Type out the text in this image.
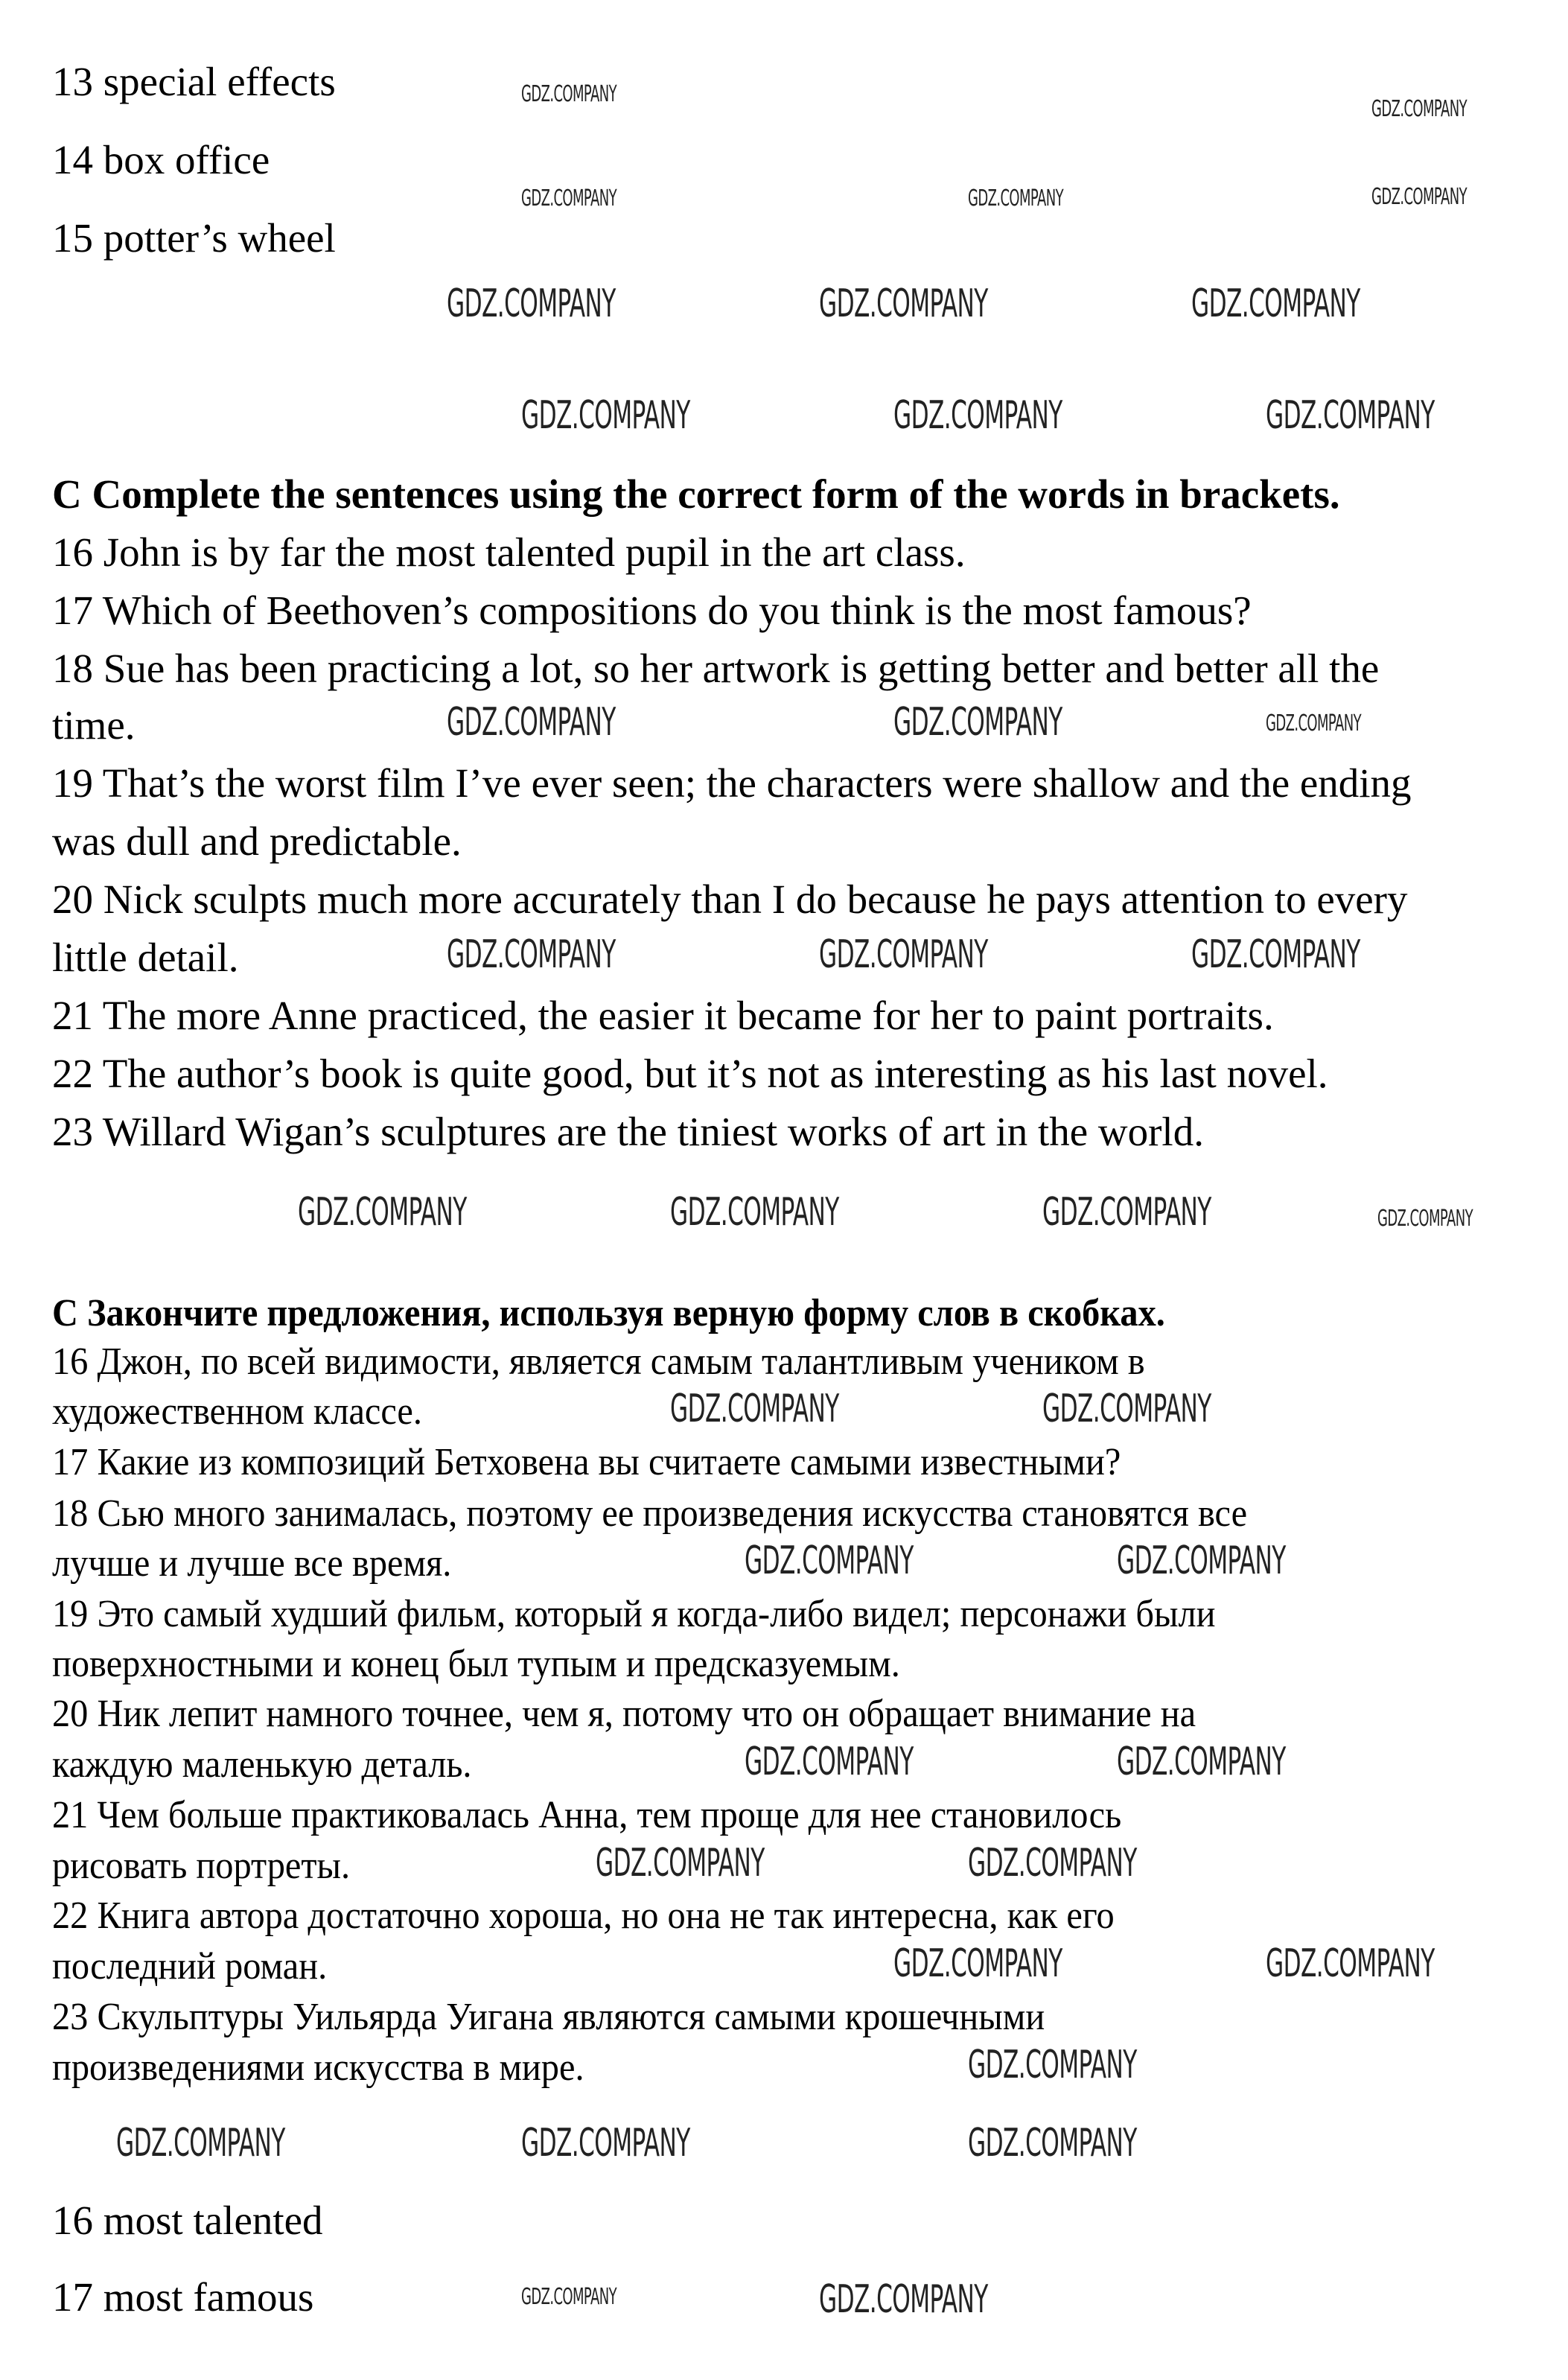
13 special effects
14 box office
15 potter’s wheel
C Complete the sentences using the correct form of the words in brackets.
16 John is by far the most talented pupil in the art class.
17 Which of Beethoven’s compositions do you think is the most famous?
18 Sue has been practicing a lot, so her artwork is getting better and better all the
time.
19 That’s the worst film I’ve ever seen; the characters were shallow and the ending
was dull and predictable.
20 Nick sculpts much more accurately than I do because he pays attention to every
little detail.
21 The more Anne practiced, the easier it became for her to paint portraits.
22 The author’s book is quite good, but it’s not as interesting as his last novel.
23 Willard Wigan’s sculptures are the tiniest works of art in the world.
С Закончите предложения, используя верную форму слов в скобках.
16 Джон, по всей видимости, является самым талантливым учеником в
художественном классе.
17 Какие из композиций Бетховена вы считаете самыми известными?
18 Сью много занималась, поэтому ее произведения искусства становятся все
лучше и лучше все время.
19 Это самый худший фильм, который я когда-либо видел; персонажи были
поверхностными и конец был тупым и предсказуемым.
20 Ник лепит намного точнее, чем я, потому что он обращает внимание на
каждую маленькую деталь.
21 Чем больше практиковалась Анна, тем проще для нее становилось
рисовать портреты.
22 Книга автора достаточно хороша, но она не так интересна, как его
последний роман.
23 Скульптуры Уильярда Уигана являются самыми крошечными
произведениями искусства в мире.
16 most talented
17 most famous
GDZ.COMPANY	GDZ.COMPANY	GDZ.COMPANY
GDZ.COMPANY
GDZ.COMPANY
GDZ.COMPANY
GDZ.COMPANY
GDZ.COMPANY	GDZ.COMPANY	GDZ.COMPANY
GDZ.COMPANY
GDZ.COMPANY	GDZ.COMPANY	GDZ.COMPANY
GDZ.COMPANY	GDZ.COMPANY	GDZ.COMPANY
GDZ.COMPANY	GDZ.COMPANY	GDZ.COMPANY	GDZ.COMPANY
GDZ.COMPANY	GDZ.COMPANY
GDZ.COMPANY	GDZ.COMPANY
GDZ.COMPANY	GDZ.COMPANY
GDZ.COMPANY	GDZ.COMPANY
GDZ.COMPANY	GDZ.COMPANY
GDZ.COMPANY
GDZ.COMPANY	GDZ.COMPANY	GDZ.COMPANY
GDZ.COMPANY	GDZ.COMPANY
